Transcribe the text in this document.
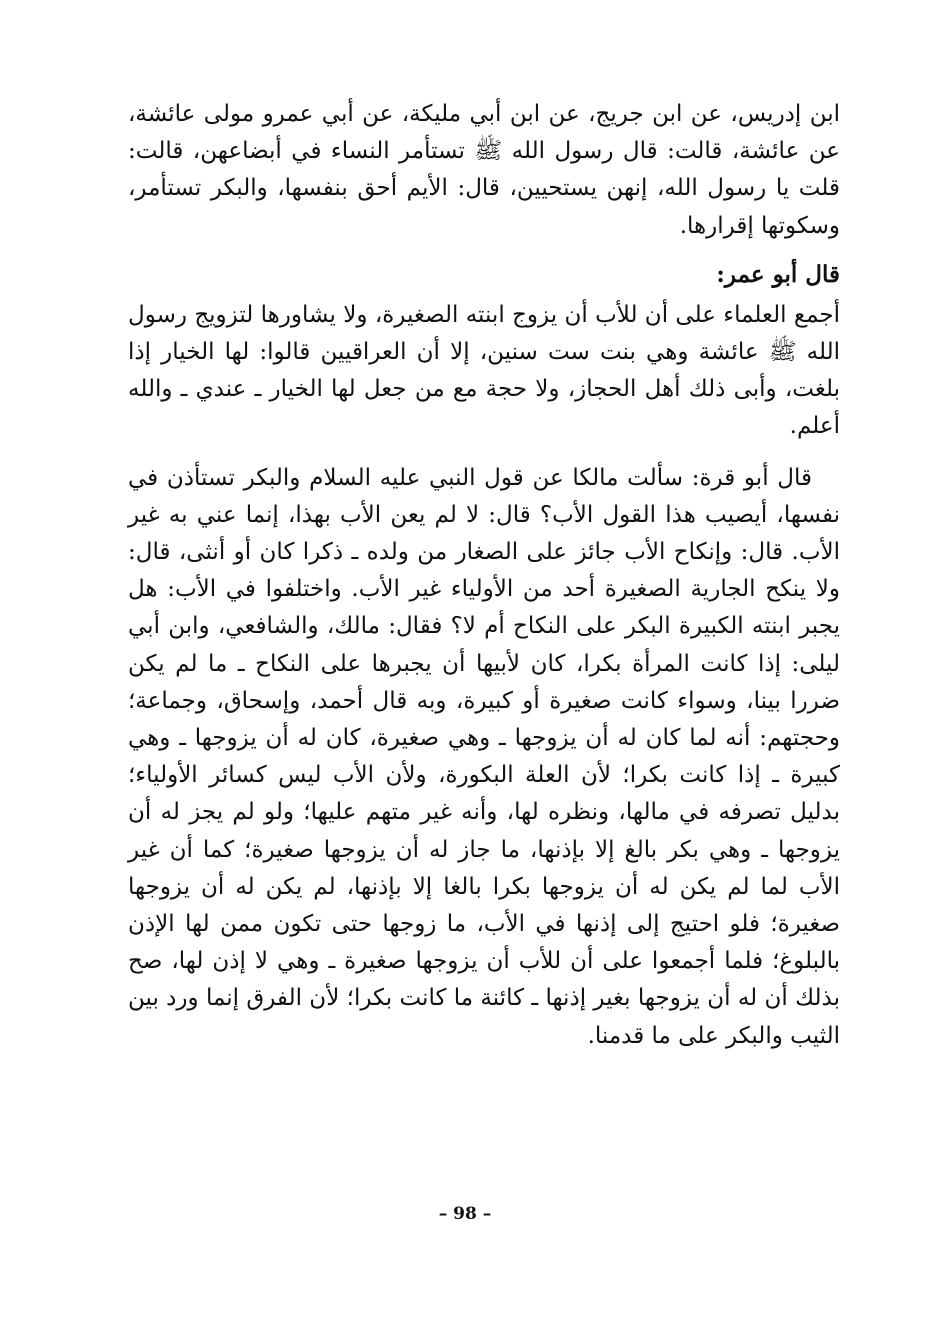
ابن إدريس، عن ابن جريج، عن ابن أبي مليكة، عن أبي عمرو مولى عائشة، عن عائشة، قالت: قال رسول الله ﷺ تستأمر النساء في أبضاعهن، قالت: قلت يا رسول الله، إنهن يستحيين، قال: الأيم أحق بنفسها، والبكر تستأمر، وسكوتها إقرارها.

قال أبو عمر:

أجمع العلماء على أن للأب أن يزوج ابنته الصغيرة، ولا يشاورها لتزويج رسول الله ﷺ عائشة وهي بنت ست سنين، إلا أن العراقيين قالوا: لها الخيار إذا بلغت، وأبى ذلك أهل الحجاز، ولا حجة مع من جعل لها الخيار ـ عندي ـ والله أعلم.

قال أبو قرة: سألت مالكا عن قول النبي عليه السلام والبكر تستأذن في نفسها، أيصيب هذا القول الأب؟ قال: لا لم يعن الأب بهذا، إنما عني به غير الأب. قال: وإنكاح الأب جائز على الصغار من ولده ـ ذكرا كان أو أنثى، قال: ولا ينكح الجارية الصغيرة أحد من الأولياء غير الأب. واختلفوا في الأب: هل يجبر ابنته الكبيرة البكر على النكاح أم لا؟ فقال: مالك، والشافعي، وابن أبي ليلى: إذا كانت المرأة بكرا، كان لأبيها أن يجبرها على النكاح ـ ما لم يكن ضررا بينا، وسواء كانت صغيرة أو كبيرة، وبه قال أحمد، وإسحاق، وجماعة؛ وحجتهم: أنه لما كان له أن يزوجها ـ وهي صغيرة، كان له أن يزوجها ـ وهي كبيرة ـ إذا كانت بكرا؛ لأن العلة البكورة، ولأن الأب ليس كسائر الأولياء؛ بدليل تصرفه في مالها، ونظره لها، وأنه غير متهم عليها؛ ولو لم يجز له أن يزوجها ـ وهي بكر بالغ إلا بإذنها، ما جاز له أن يزوجها صغيرة؛ كما أن غير الأب لما لم يكن له أن يزوجها بكرا بالغا إلا بإذنها، لم يكن له أن يزوجها صغيرة؛ فلو احتيج إلى إذنها في الأب، ما زوجها حتى تكون ممن لها الإذن بالبلوغ؛ فلما أجمعوا على أن للأب أن يزوجها صغيرة ـ وهي لا إذن لها، صح بذلك أن له أن يزوجها بغير إذنها ـ كائنة ما كانت بكرا؛ لأن الفرق إنما ورد بين الثيب والبكر على ما قدمنا.

– 98 –
